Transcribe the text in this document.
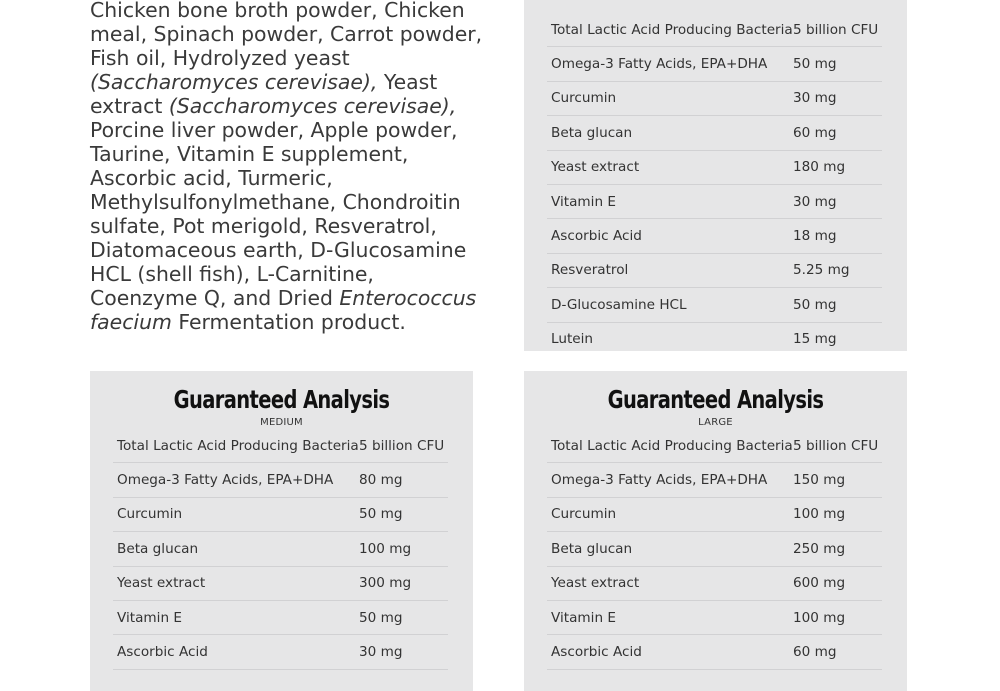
Chicken bone broth powder, Chicken meal, Spinach powder, Carrot powder, Fish oil, Hydrolyzed yeast (Saccharomyces cerevisae), Yeast extract (Saccharomyces cerevisae), Porcine liver powder, Apple powder, Taurine, Vitamin E supplement, Ascorbic acid, Turmeric, Methylsulfonylmethane, Chondroitin sulfate, Pot merigold, Resveratrol, Diatomaceous earth, D-Glucosamine HCL (shell fish), L-Carnitine, Coenzyme Q, and Dried Enterococcus faecium Fermentation product.

Total Lactic Acid Producing Bacteria 5 billion CFU
Omega-3 Fatty Acids, EPA+DHA 50 mg
Curcumin	30 mg
Beta glucan	60 mg
Yeast extract	180 mg
Vitamin E	30 mg
Ascorbic Acid	18 mg
Resveratrol	5.25 mg
D-Glucosamine HCL	50 mg
Lutein	15 mg
Guaranteed Analysis
MEDIUM
Total Lactic Acid Producing Bacteria 5 billion CFU
Omega-3 Fatty Acids, EPA+DHA 80 mg
Curcumin	50 mg
Beta glucan	100 mg
Yeast extract	300 mg
Vitamin E	50 mg
Ascorbic Acid	30 mg
Guaranteed Analysis
LARGE
Total Lactic Acid Producing Bacteria 5 billion CFU
Omega-3 Fatty Acids, EPA+DHA 150 mg
Curcumin	100 mg
Beta glucan	250 mg
Yeast extract	600 mg
Vitamin E	100 mg
Ascorbic Acid	60 mg
